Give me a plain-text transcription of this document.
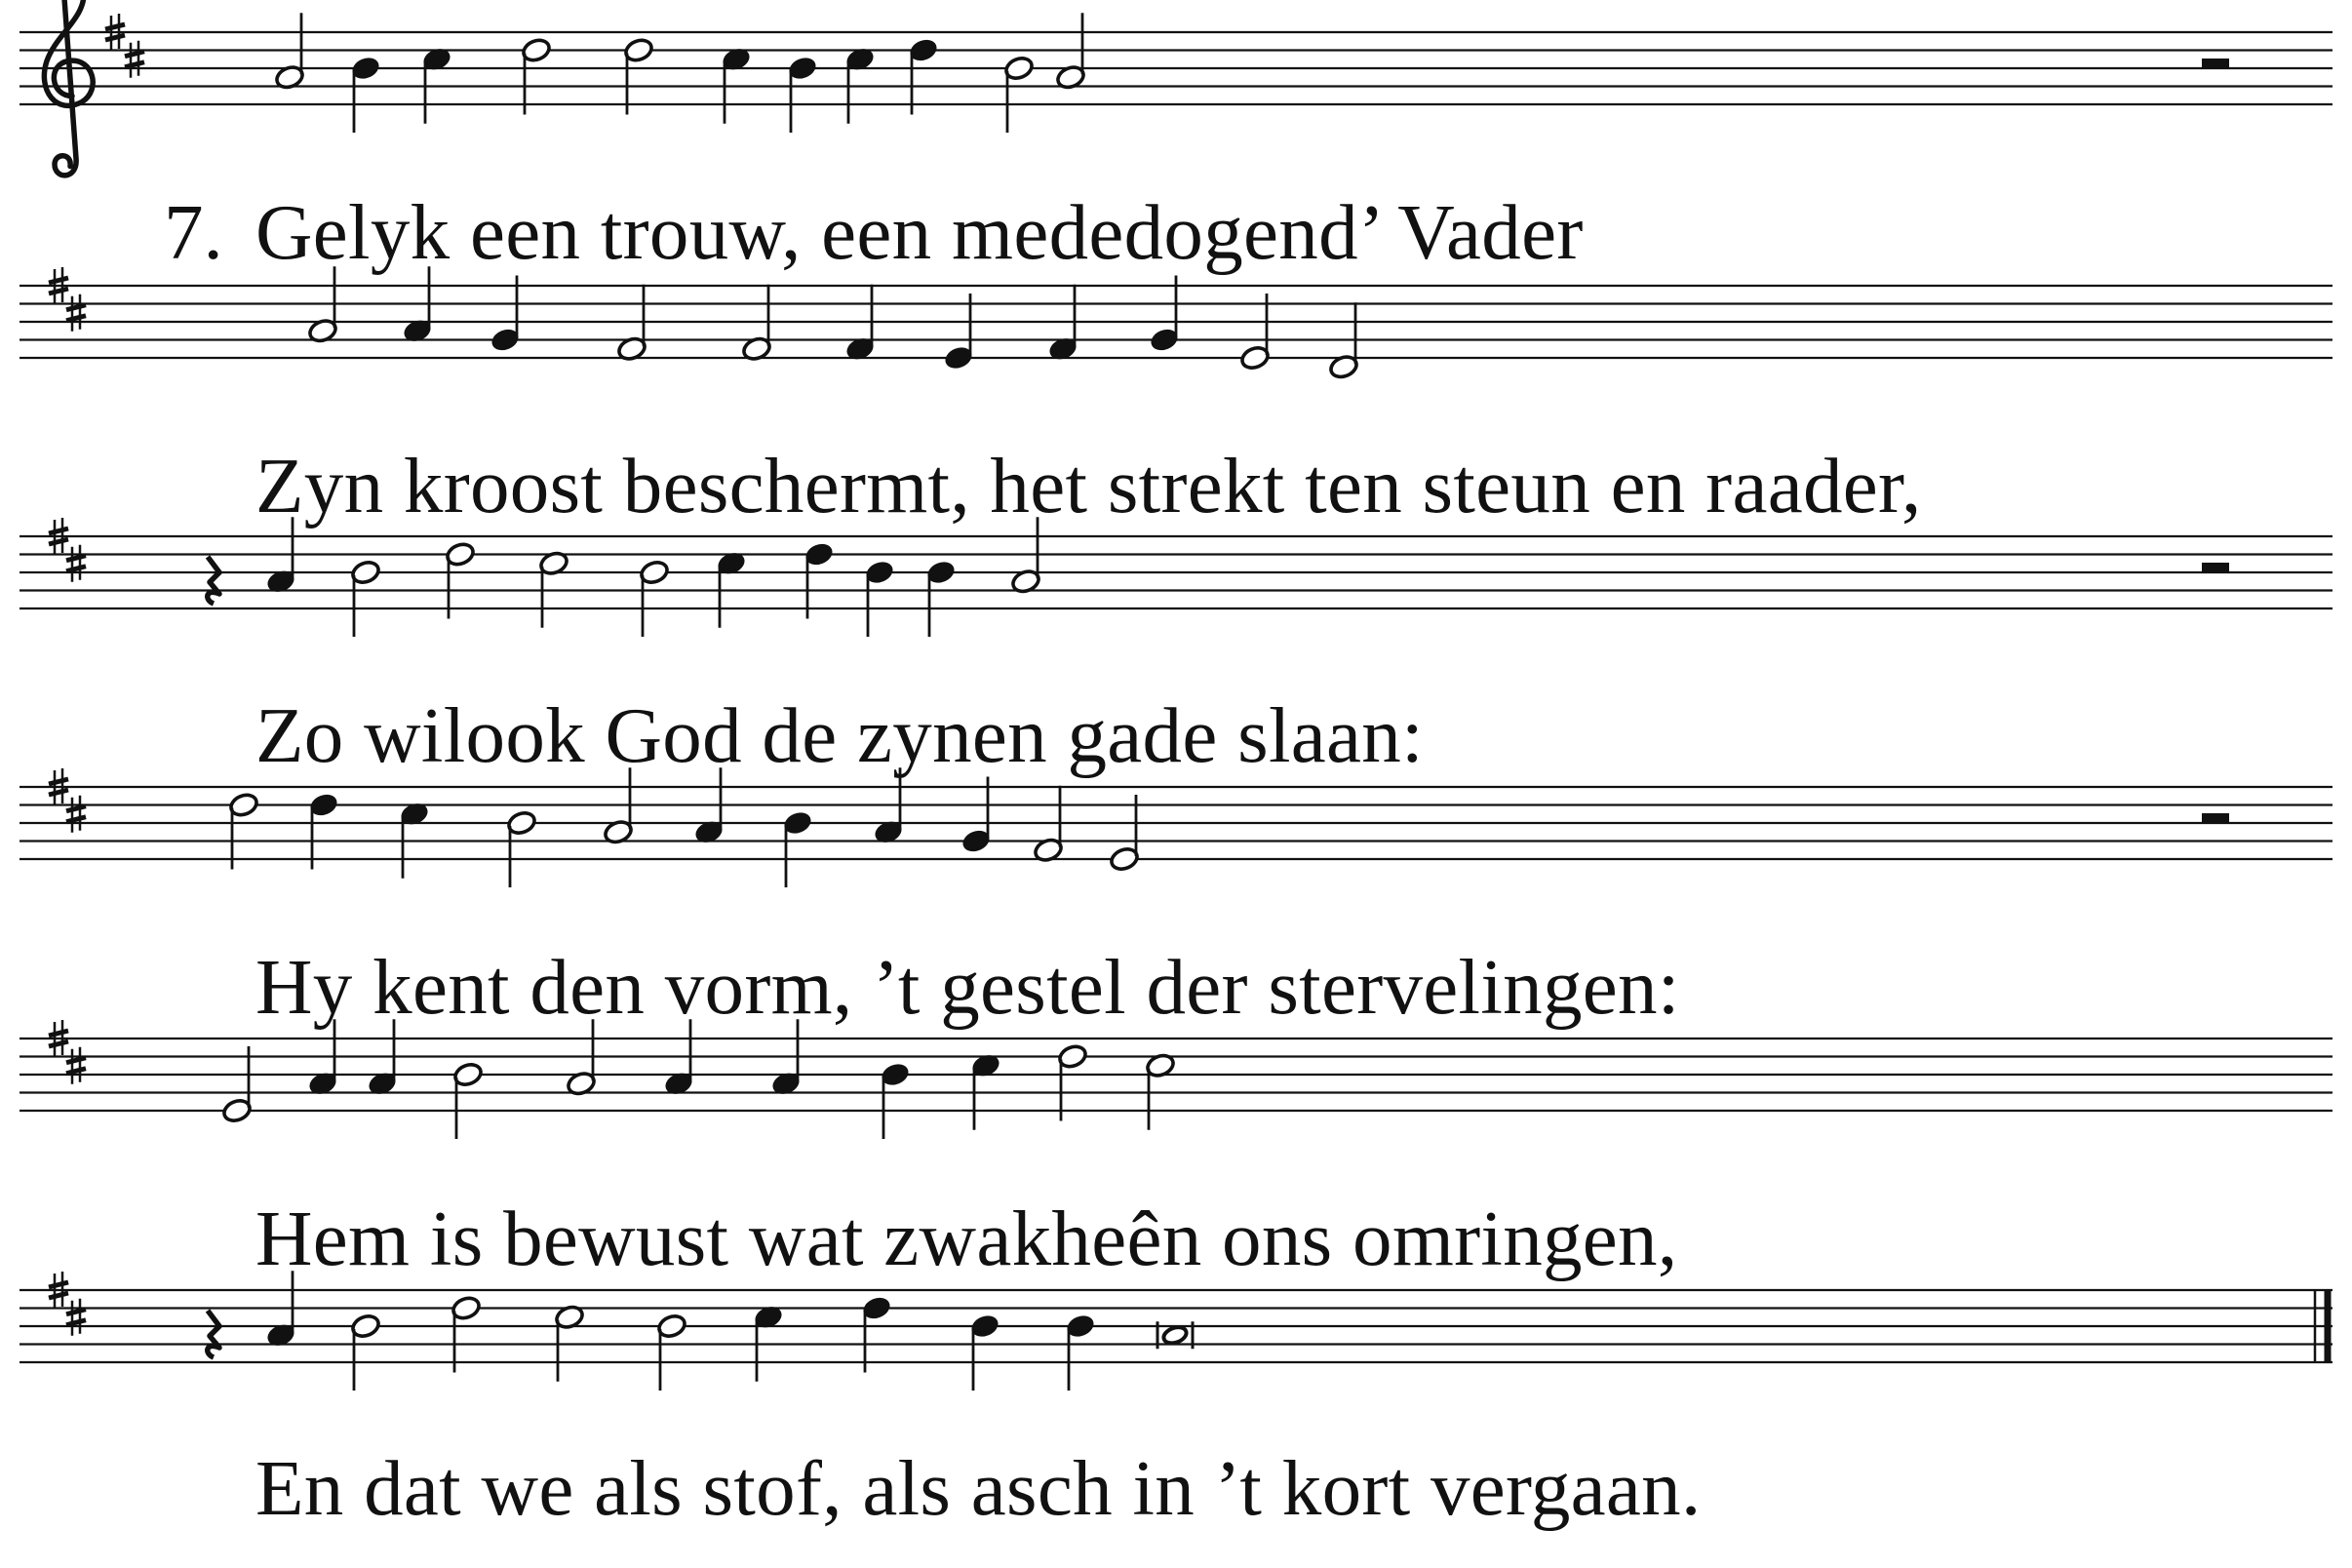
7. Gelyk een trouw, een mededogend’ Vader
Zyn kroost beschermt, het strekt ten steun en raader,
Zo wilook God de zynen gade slaan:
Hy kent den vorm, ’t gestel der stervelingen:
Hem is bewust wat zwakheên ons omringen,
En dat we als stof, als asch in ’t kort vergaan.
